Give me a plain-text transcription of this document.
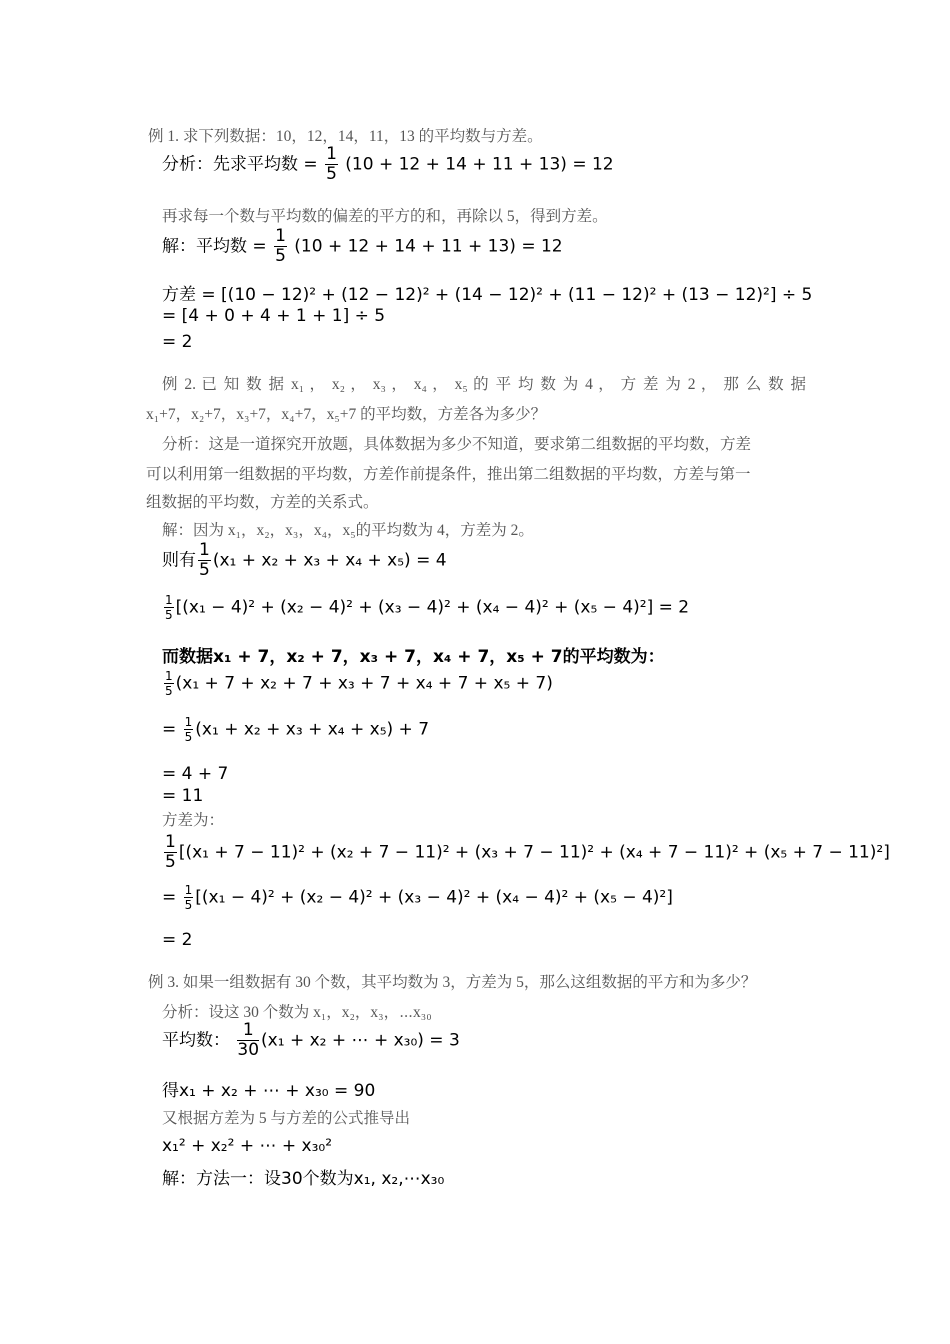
例 1. 求下列数据：10，12，14，11，13 的平均数与方差。
分析：先求平均数 = $\frac{1}{5} (10 + 12 + 14 + 11 + 13) = 12$
再求每一个数与平均数的偏差的平方的和，再除以 5，得到方差。
解：平均数 = $\frac{1}{5} (10 + 12 + 14 + 11 + 13) = 12$
方差 = [(10 − 12)² + (12 − 12)² + (14 − 12)² + (11 − 12)² + (13 − 12)²] ÷ 5
= [4 + 0 + 4 + 1 + 1] ÷ 5
= 2
例 2. 已 知 数 据 x₁ ， x₂ ， x₃ ， x₄ ， x₅ 的 平 均 数 为 4 ， 方 差 为 2 ， 那 么 数 据
x₁+7，x₂+7，x₃+7，x₄+7，x₅+7 的平均数，方差各为多少？
分析：这是一道探究开放题，具体数据为多少不知道，要求第二组数据的平均数，方差
可以利用第一组数据的平均数，方差作前提条件，推出第二组数据的平均数，方差与第一
组数据的平均数，方差的关系式。
解：因为 x₁，x₂，x₃，x₄，x₅的平均数为 4，方差为 2。
则有 $\frac{1}{5} (x_1 + x_2 + x_3 + x_4 + x_5) = 4$
$\frac{1}{5} [(x_1 - 4)^2 + (x_2 - 4)^2 + (x_3 - 4)^2 + (x_4 - 4)^2 + (x_5 - 4)^2] = 2$
而数据x₁ + 7，x₂ + 7，x₃ + 7，x₄ + 7，x₅ + 7的平均数为：
$\frac{1}{5} (x_1 + 7 + x_2 + 7 + x_3 + 7 + x_4 + 7 + x_5 + 7)$
= $\frac{1}{5} (x_1 + x_2 + x_3 + x_4 + x_5) + 7$
= 4 + 7
= 11
方差为：
$\frac{1}{5} [(x_1 + 7 - 11)^2 + (x_2 + 7 - 11)^2 + (x_3 + 7 - 11)^2 + (x_4 + 7 - 11)^2 + (x_5 + 7 - 11)^2]$
= $\frac{1}{5} [(x_1 - 4)^2 + (x_2 - 4)^2 + (x_3 - 4)^2 + (x_4 - 4)^2 + (x_5 - 4)^2]$
= 2
例 3. 如果一组数据有 30 个数，其平均数为 3，方差为 5，那么这组数据的平方和为多少？
分析：设这 30 个数为 x₁，x₂，x₃，⋯x₃₀
平均数： $\frac{1}{30} (x_1 + x_2$ + ⋯ + x₃₀) = 3
得x₁ + x₂ + ⋯ + x₃₀ = 90
又根据方差为 5 与方差的公式推导出
x₁² + x₂² + ⋯ + x₃₀²
解：方法一：设30个数为x₁, x₂,⋯x₃₀
